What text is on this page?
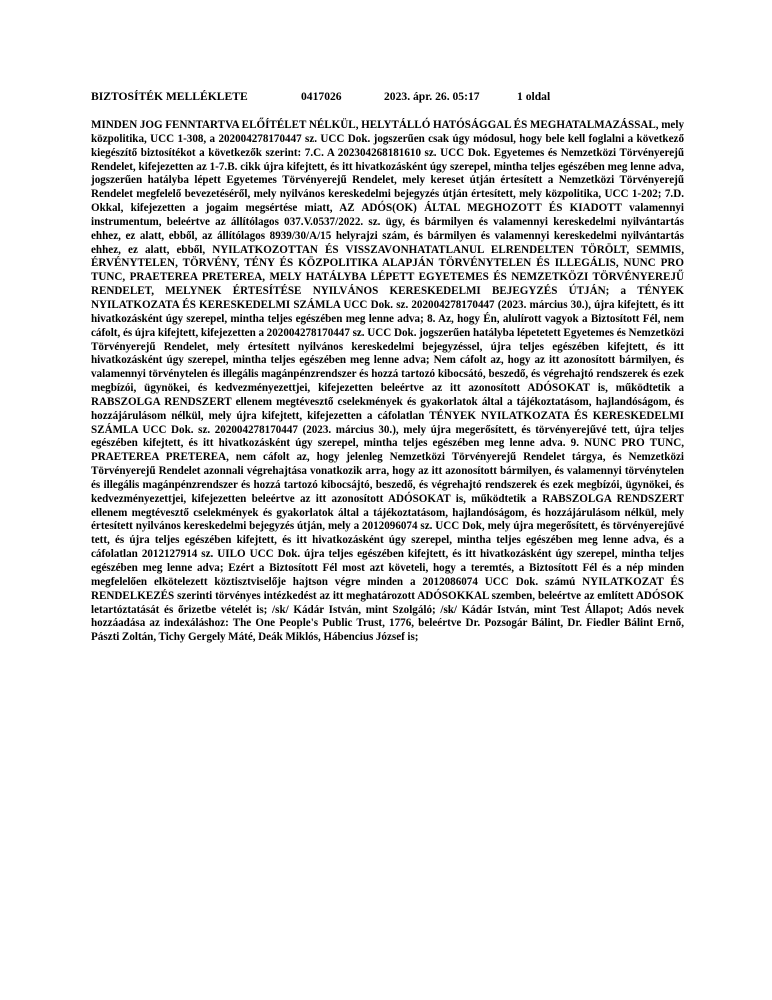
BIZTOSÍTÉK MELLÉKLETE	0417026	2023. ápr. 26. 05:17	1 oldal

MINDEN JOG FENNTARTVA ELŐÍTÉLET NÉLKÜL, HELYTÁLLÓ HATÓSÁGGAL ÉS MEGHATALMAZÁSSAL, mely közpolitika, UCC 1-308, a 202004278170447 sz. UCC Dok. jogszerűen csak úgy módosul, hogy bele kell foglalni a következő kiegészítő biztosítékot a következők szerint: 7.C. A 202304268181610 sz. UCC Dok. Egyetemes és Nemzetközi Törvényerejű Rendelet, kifejezetten az 1-7.B. cikk újra kifejtett, és itt hivatkozásként úgy szerepel, mintha teljes egészében meg lenne adva, jogszerűen hatályba lépett Egyetemes Törvényerejű Rendelet, mely kereset útján értesített a Nemzetközi Törvényerejű Rendelet megfelelő bevezetéséről, mely nyilvános kereskedelmi bejegyzés útján értesített, mely közpolitika, UCC 1-202; 7.D. Okkal, kifejezetten a jogaim megsértése miatt, AZ ADÓS(OK) ÁLTAL MEGHOZOTT ÉS KIADOTT valamennyi instrumentum, beleértve az állítólagos 037.V.0537/2022. sz. ügy, és bármilyen és valamennyi kereskedelmi nyilvántartás ehhez, ez alatt, ebből, az állítólagos 8939/30/A/15 helyrajzi szám, és bármilyen és valamennyi kereskedelmi nyilvántartás ehhez, ez alatt, ebből, NYILATKOZOTTAN ÉS VISSZAVONHATATLANUL ELRENDELTEN TÖRÖLT, SEMMIS, ÉRVÉNYTELEN, TÖRVÉNY, TÉNY ÉS KÖZPOLITIKA ALAPJÁN TÖRVÉNYTELEN ÉS ILLEGÁLIS, NUNC PRO TUNC, PRAETEREA PRETEREA, MELY HATÁLYBA LÉPETT EGYETEMES ÉS NEMZETKÖZI TÖRVÉNYEREJŰ RENDELET, MELYNEK ÉRTESÍTÉSE NYILVÁNOS KERESKEDELMI BEJEGYZÉS ÚTJÁN; a TÉNYEK NYILATKOZATA ÉS KERESKEDELMI SZÁMLA UCC Dok. sz. 202004278170447 (2023. március 30.), újra kifejtett, és itt hivatkozásként úgy szerepel, mintha teljes egészében meg lenne adva; 8. Az, hogy Én, alulírott vagyok a Biztosított Fél, nem cáfolt, és újra kifejtett, kifejezetten a 202004278170447 sz. UCC Dok. jogszerűen hatályba lépetetett Egyetemes és Nemzetközi Törvényerejű Rendelet, mely értesített nyilvános kereskedelmi bejegyzéssel, újra teljes egészében kifejtett, és itt hivatkozásként úgy szerepel, mintha teljes egészében meg lenne adva; Nem cáfolt az, hogy az itt azonosított bármilyen, és valamennyi törvénytelen és illegális magánpénzrendszer és hozzá tartozó kibocsátó, beszedő, és végrehajtó rendszerek és ezek megbízói, ügynökei, és kedvezményezettjei, kifejezetten beleértve az itt azonosított ADÓSOKAT is, működtetik a RABSZOLGA RENDSZERT ellenem megtévesztő cselekmények és gyakorlatok által a tájékoztatásom, hajlandóságom, és hozzájárulásom nélkül, mely újra kifejtett, kifejezetten a cáfolatlan TÉNYEK NYILATKOZATA ÉS KERESKEDELMI SZÁMLA UCC Dok. sz. 202004278170447 (2023. március 30.), mely újra megerősített, és törvényerejűvé tett, újra teljes egészében kifejtett, és itt hivatkozásként úgy szerepel, mintha teljes egészében meg lenne adva. 9. NUNC PRO TUNC, PRAETEREA PRETEREA, nem cáfolt az, hogy jelenleg Nemzetközi Törvényerejű Rendelet tárgya, és Nemzetközi Törvényerejű Rendelet azonnali végrehajtása vonatkozik arra, hogy az itt azonosított bármilyen, és valamennyi törvénytelen és illegális magánpénzrendszer és hozzá tartozó kibocsájtó, beszedő, és végrehajtó rendszerek és ezek megbízói, ügynökei, és kedvezményezettjei, kifejezetten beleértve az itt azonosított ADÓSOKAT is, működtetik a RABSZOLGA RENDSZERT ellenem megtévesztő cselekmények és gyakorlatok által a tájékoztatásom, hajlandóságom, és hozzájárulásom nélkül, mely értesített nyilvános kereskedelmi bejegyzés útján, mely a 2012096074 sz. UCC Dok, mely újra megerősített, és törvényerejűvé tett, és újra teljes egészében kifejtett, és itt hivatkozásként úgy szerepel, mintha teljes egészében meg lenne adva, és a cáfolatlan 2012127914 sz. UILO UCC Dok. újra teljes egészében kifejtett, és itt hivatkozásként úgy szerepel, mintha teljes egészében meg lenne adva; Ezért a Biztosított Fél most azt követeli, hogy a teremtés, a Biztosított Fél és a nép minden megfelelően elkötelezett köztisztviselője hajtson végre minden a 2012086074 UCC Dok. számú NYILATKOZAT ÉS RENDELKEZÉS szerinti törvényes intézkedést az itt meghatározott ADÓSOKKAL szemben, beleértve az említett ADÓSOK letartóztatását és őrizetbe vételét is; /sk/ Kádár István, mint Szolgáló; /sk/ Kádár István, mint Test Állapot; Adós nevek hozzáadása az indexáláshoz: The One People's Public Trust, 1776, beleértve Dr. Pozsogár Bálint, Dr. Fiedler Bálint Ernő, Pászti Zoltán, Tichy Gergely Máté, Deák Miklós, Hábencius József is;
